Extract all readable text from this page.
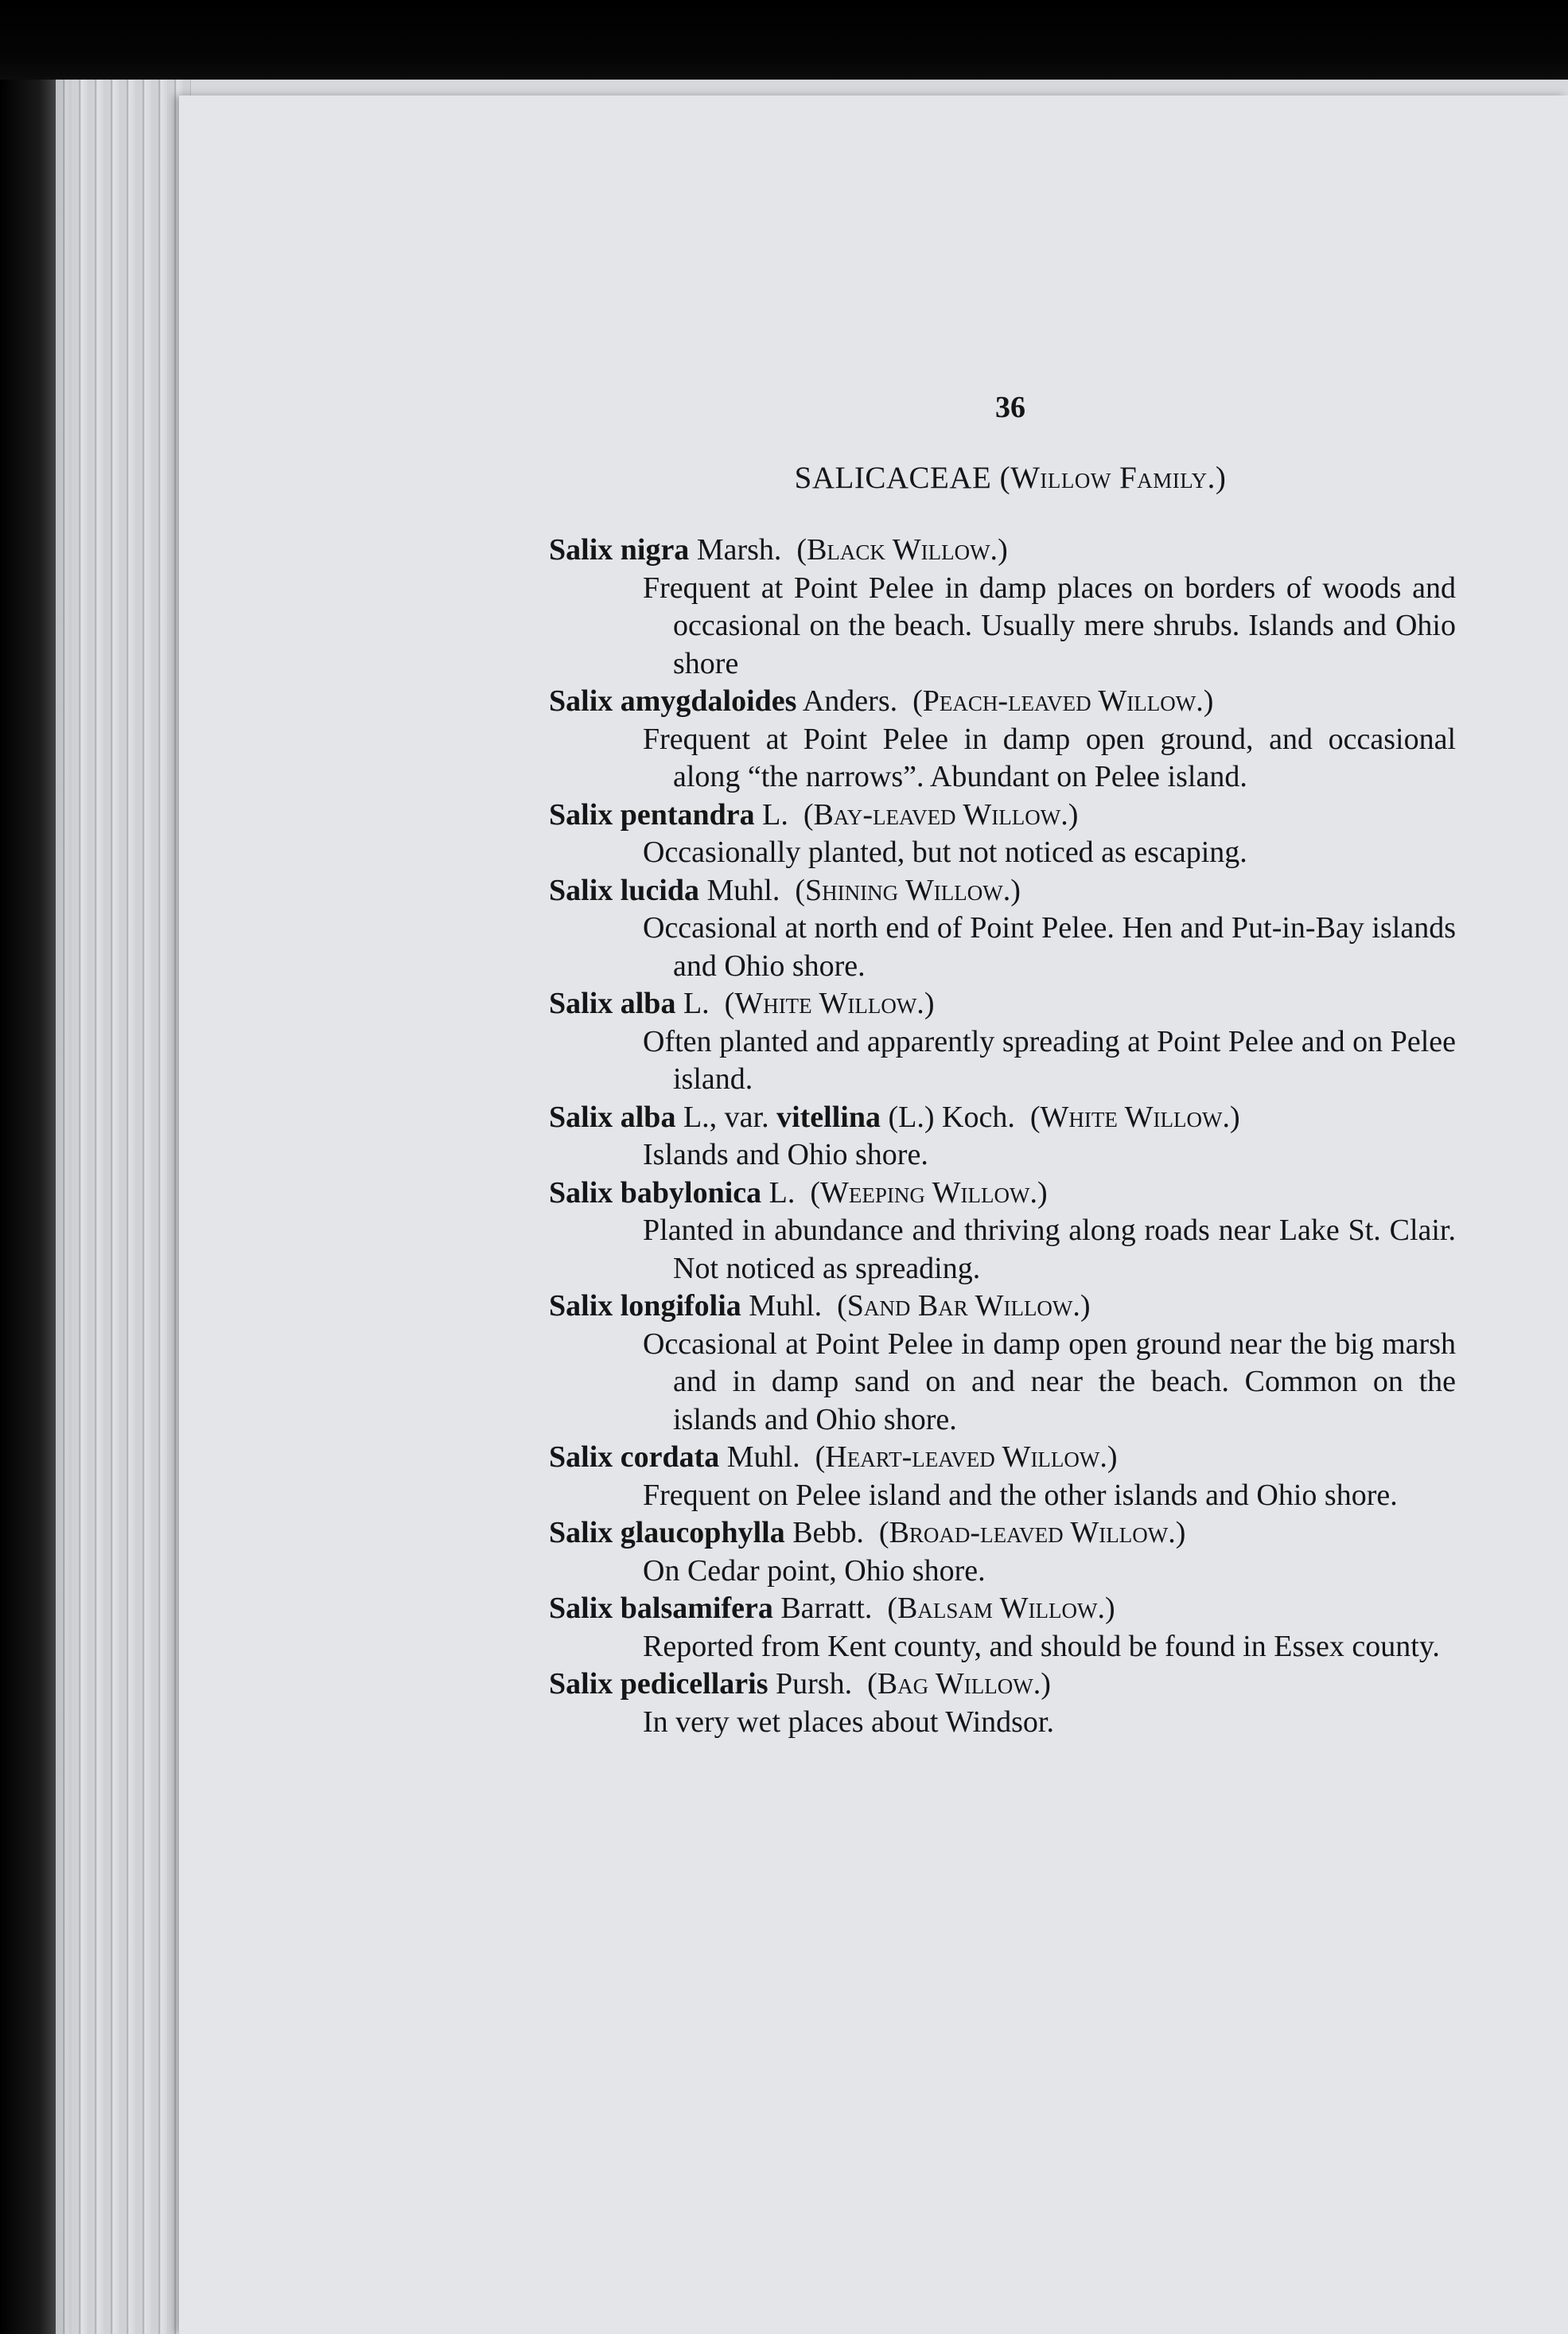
36
SALICACEAE (Willow Family.)
Salix nigra Marsh.  (Black Willow.)
Frequent at Point Pelee in damp places on borders of woods and occasional on the beach. Usually mere shrubs. Islands and Ohio shore
Salix amygdaloides Anders.  (Peach-leaved Willow.)
Frequent at Point Pelee in damp open ground, and occasional along “the narrows”. Abundant on Pelee island.
Salix pentandra L.  (Bay-leaved Willow.)
Occasionally planted, but not noticed as escaping.
Salix lucida Muhl.  (Shining Willow.)
Occasional at north end of Point Pelee. Hen and Put-in-Bay islands and Ohio shore.
Salix alba L.  (White Willow.)
Often planted and apparently spreading at Point Pelee and on Pelee island.
Salix alba L., var. vitellina (L.) Koch.  (White Willow.)
Islands and Ohio shore.
Salix babylonica L.  (Weeping Willow.)
Planted in abundance and thriving along roads near Lake St. Clair. Not noticed as spreading.
Salix longifolia Muhl.  (Sand Bar Willow.)
Occasional at Point Pelee in damp open ground near the big marsh and in damp sand on and near the beach. Common on the islands and Ohio shore.
Salix cordata Muhl.  (Heart-leaved Willow.)
Frequent on Pelee island and the other islands and Ohio shore.
Salix glaucophylla Bebb.  (Broad-leaved Willow.)
On Cedar point, Ohio shore.
Salix balsamifera Barratt.  (Balsam Willow.)
Reported from Kent county, and should be found in Essex county.
Salix pedicellaris Pursh.  (Bag Willow.)
In very wet places about Windsor.
